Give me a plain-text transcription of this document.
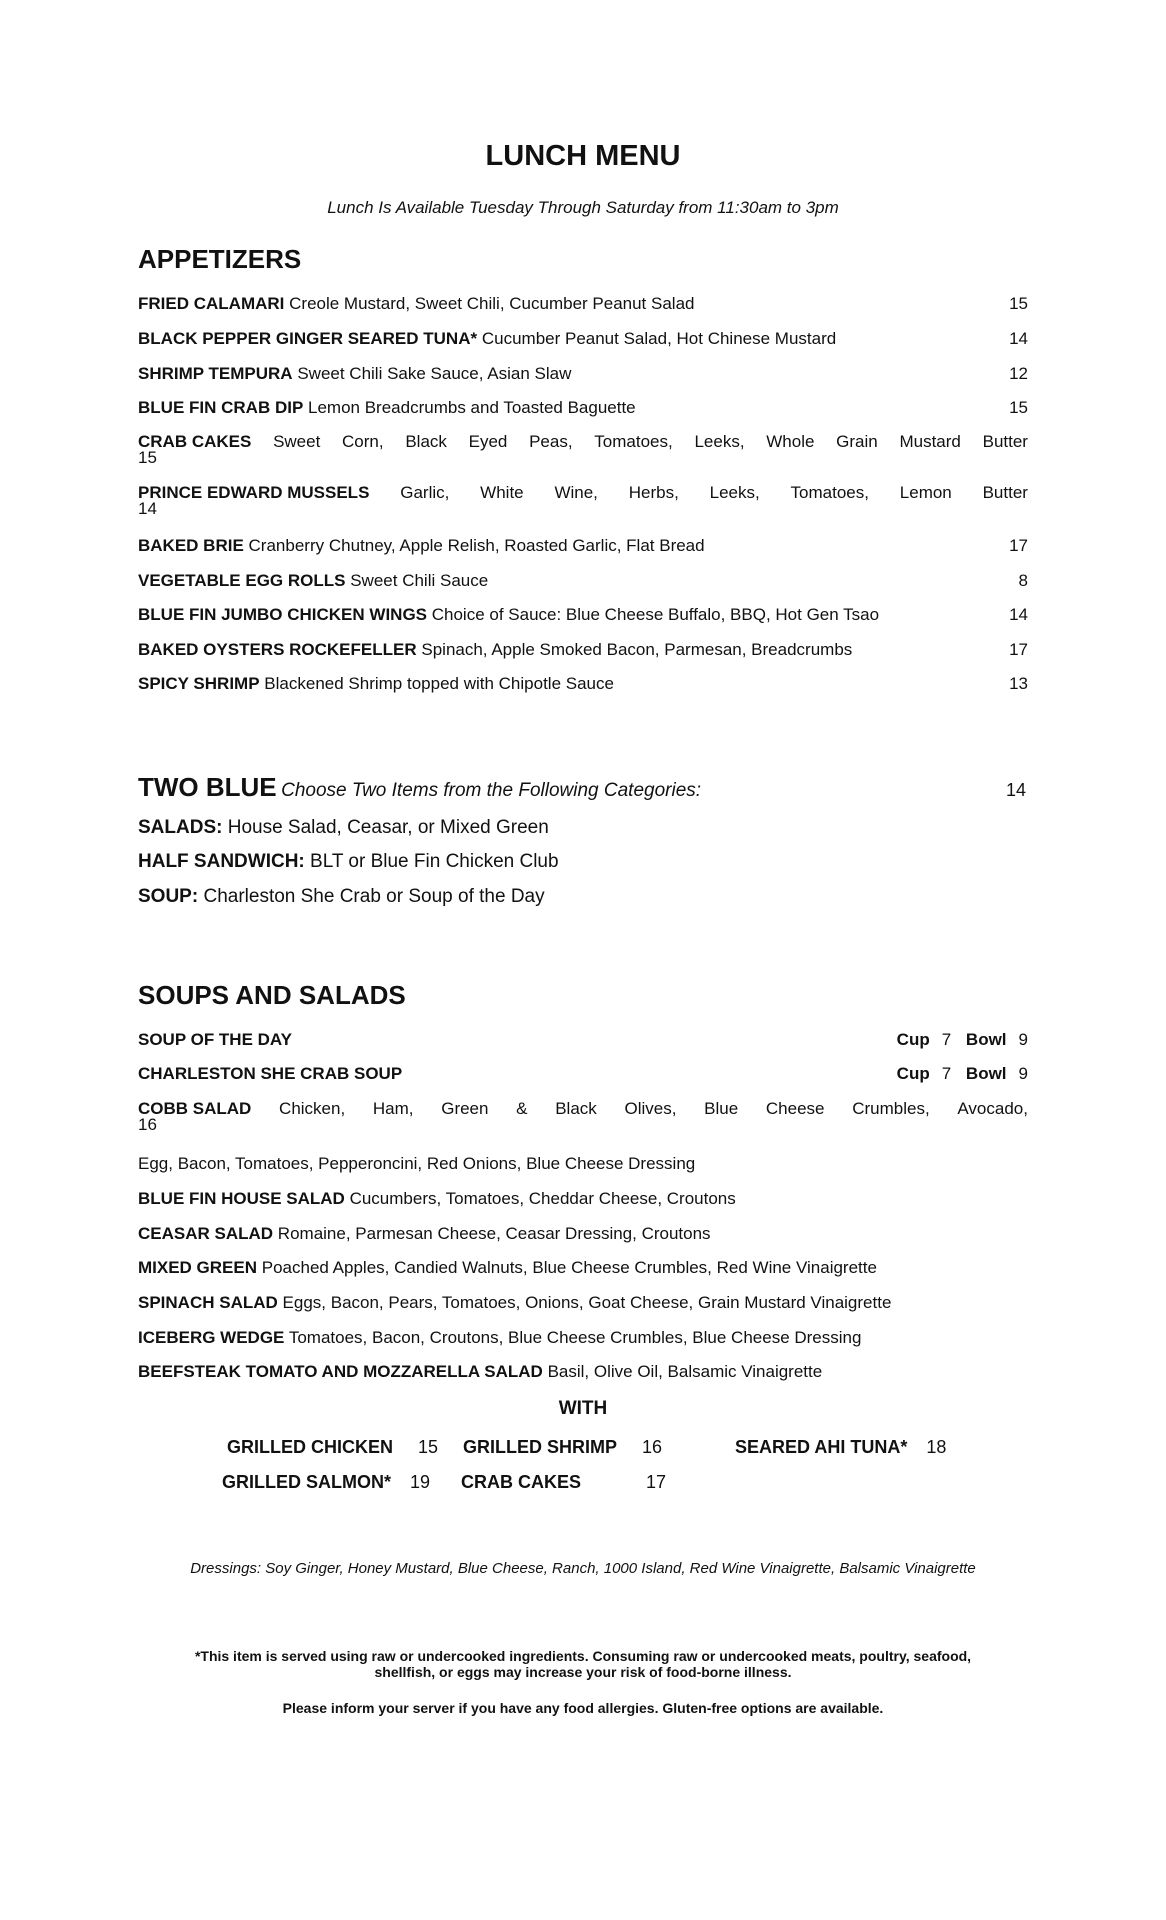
LUNCH MENU
Lunch Is Available Tuesday Through Saturday from 11:30am to 3pm
APPETIZERS
FRIED CALAMARI Creole Mustard, Sweet Chili, Cucumber Peanut Salad	15
BLACK PEPPER GINGER SEARED TUNA* Cucumber Peanut Salad, Hot Chinese Mustard	14
SHRIMP TEMPURA Sweet Chili Sake Sauce, Asian Slaw	12
BLUE FIN CRAB DIP Lemon Breadcrumbs and Toasted Baguette	15
CRAB CAKES Sweet Corn, Black Eyed Peas, Tomatoes, Leeks, Whole Grain Mustard Butter
15
PRINCE EDWARD MUSSELS Garlic, White Wine, Herbs, Leeks, Tomatoes, Lemon Butter
14
BAKED BRIE Cranberry Chutney, Apple Relish, Roasted Garlic, Flat Bread	17
VEGETABLE EGG ROLLS Sweet Chili Sauce	8
BLUE FIN JUMBO CHICKEN WINGS Choice of Sauce: Blue Cheese Buffalo, BBQ, Hot Gen Tsao	14
BAKED OYSTERS ROCKEFELLER Spinach, Apple Smoked Bacon, Parmesan, Breadcrumbs	17
SPICY SHRIMP Blackened Shrimp topped with Chipotle Sauce	13
TWO BLUE Choose Two Items from the Following Categories:	14
SALADS: House Salad, Ceasar, or Mixed Green
HALF SANDWICH: BLT or Blue Fin Chicken Club
SOUP: Charleston She Crab or Soup of the Day
SOUPS AND SALADS
SOUP OF THE DAY	Cup 7 Bowl 9
CHARLESTON SHE CRAB SOUP	Cup 7 Bowl 9
COBB SALAD Chicken, Ham, Green & Black Olives, Blue Cheese Crumbles, Avocado,
16
Egg, Bacon, Tomatoes, Pepperoncini, Red Onions, Blue Cheese Dressing
BLUE FIN HOUSE SALAD Cucumbers, Tomatoes, Cheddar Cheese, Croutons
CEASAR SALAD Romaine, Parmesan Cheese, Ceasar Dressing, Croutons
MIXED GREEN Poached Apples, Candied Walnuts, Blue Cheese Crumbles, Red Wine Vinaigrette
SPINACH SALAD Eggs, Bacon, Pears, Tomatoes, Onions, Goat Cheese, Grain Mustard Vinaigrette
ICEBERG WEDGE Tomatoes, Bacon, Croutons, Blue Cheese Crumbles, Blue Cheese Dressing
BEEFSTEAK TOMATO AND MOZZARELLA SALAD Basil, Olive Oil, Balsamic Vinaigrette
WITH
GRILLED CHICKEN 15 GRILLED SHRIMP 16	SEARED AHI TUNA* 18
GRILLED SALMON* 19 CRAB CAKES	17
Dressings: Soy Ginger, Honey Mustard, Blue Cheese, Ranch, 1000 Island, Red Wine Vinaigrette, Balsamic Vinaigrette
*This item is served using raw or undercooked ingredients. Consuming raw or undercooked meats, poultry, seafood,
shellfish, or eggs may increase your risk of food-borne illness.
Please inform your server if you have any food allergies. Gluten-free options are available.
